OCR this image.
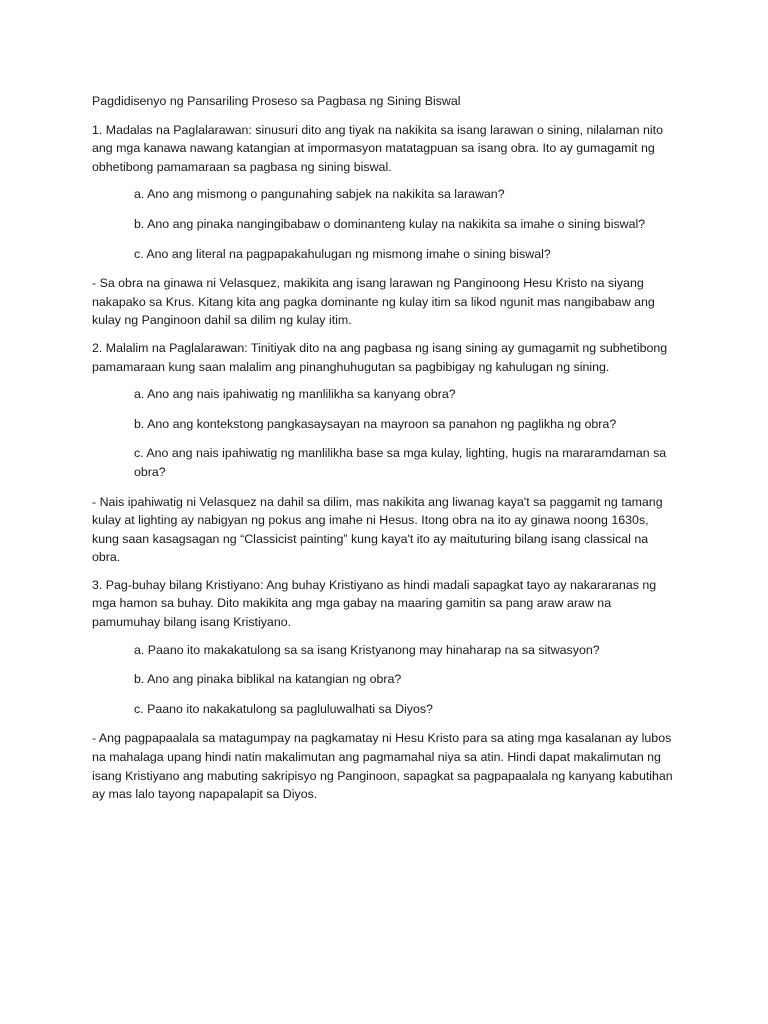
Pagdidisenyo ng Pansariling Proseso sa Pagbasa ng Sining Biswal

1. Madalas na Paglalarawan: sinusuri dito ang tiyak na nakikita sa isang larawan o sining, nilalaman nito ang mga kanawa nawang katangian at impormasyon matatagpuan sa isang obra. Ito ay gumagamit ng obhetibong pamamaraan sa pagbasa ng sining biswal.

a. Ano ang mismong o pangunahing sabjek na nakikita sa larawan?

b. Ano ang pinaka nangingibabaw o dominanteng kulay na nakikita sa imahe o sining biswal?

c. Ano ang literal na pagpapakahulugan ng mismong imahe o sining biswal?

- Sa obra na ginawa ni Velasquez, makikita ang isang larawan ng Panginoong Hesu Kristo na siyang nakapako sa Krus. Kitang kita ang pagka dominante ng kulay itim sa likod ngunit mas nangibabaw ang kulay ng Panginoon dahil sa dilim ng kulay itim.

2. Malalim na Paglalarawan: Tinitiyak dito na ang pagbasa ng isang sining ay gumagamit ng subhetibong pamamaraan kung saan malalim ang pinanghuhugutan sa pagbibigay ng kahulugan ng sining.

a. Ano ang nais ipahiwatig ng manlilikha sa kanyang obra?

b. Ano ang kontekstong pangkasaysayan na mayroon sa panahon ng paglikha ng obra?

c. Ano ang nais ipahiwatig ng manlilikha base sa mga kulay, lighting, hugis na mararamdaman sa obra?

- Nais ipahiwatig ni Velasquez na dahil sa dilim, mas nakikita ang liwanag kaya't sa paggamit ng tamang kulay at lighting ay nabigyan ng pokus ang imahe ni Hesus. Itong obra na ito ay ginawa noong 1630s, kung saan kasagsagan ng “Classicist painting” kung kaya't ito ay maituturing bilang isang classical na obra.

3. Pag-buhay bilang Kristiyano: Ang buhay Kristiyano as hindi madali sapagkat tayo ay nakararanas ng mga hamon sa buhay. Dito makikita ang mga gabay na maaring gamitin sa pang araw araw na pamumuhay bilang isang Kristiyano.

a. Paano ito makakatulong sa sa isang Kristyanong may hinaharap na sa sitwasyon?

b. Ano ang pinaka biblikal na katangian ng obra?

c. Paano ito nakakatulong sa pagluluwalhati sa Diyos?

- Ang pagpapaalala sa matagumpay na pagkamatay ni Hesu Kristo para sa ating mga kasalanan ay lubos na mahalaga upang hindi natin makalimutan ang pagmamahal niya sa atin. Hindi dapat makalimutan ng isang Kristiyano ang mabuting sakripisyo ng Panginoon, sapagkat sa pagpapaalala ng kanyang kabutihan ay mas lalo tayong napapalapit sa Diyos.
